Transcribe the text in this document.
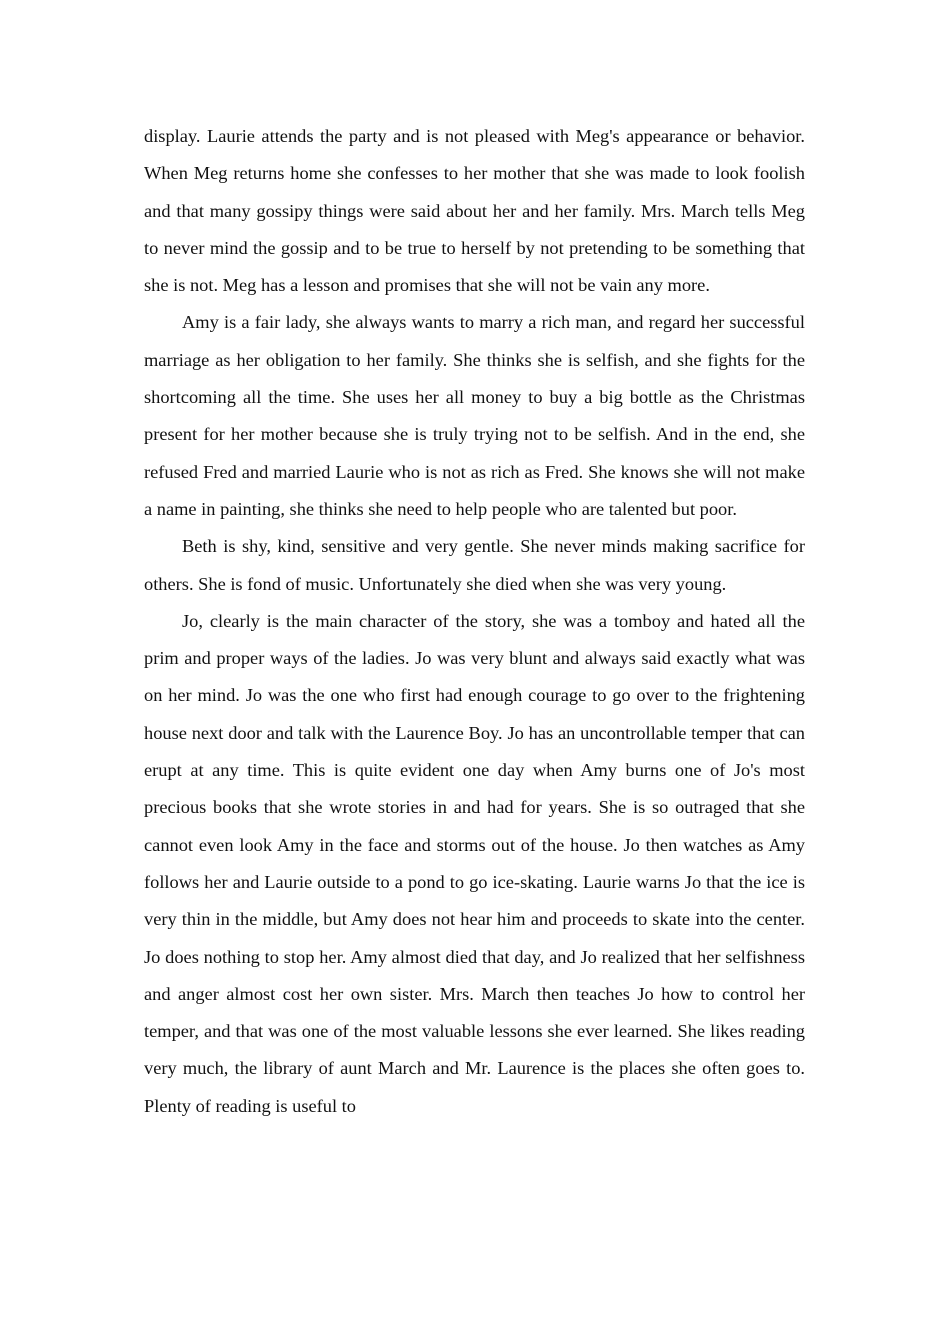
display. Laurie attends the party and is not pleased with Meg's appearance or behavior. When Meg returns home she confesses to her mother that she was made to look foolish and that many gossipy things were said about her and her family. Mrs. March tells Meg to never mind the gossip and to be true to herself by not pretending to be something that she is not. Meg has a lesson and promises that she will not be vain any more.

Amy is a fair lady, she always wants to marry a rich man, and regard her successful marriage as her obligation to her family. She thinks she is selfish, and she fights for the shortcoming all the time. She uses her all money to buy a big bottle as the Christmas present for her mother because she is truly trying not to be selfish. And in the end, she refused Fred and married Laurie who is not as rich as Fred. She knows she will not make a name in painting, she thinks she need to help people who are talented but poor.

Beth is shy, kind, sensitive and very gentle. She never minds making sacrifice for others. She is fond of music. Unfortunately she died when she was very young.

Jo, clearly is the main character of the story, she was a tomboy and hated all the prim and proper ways of the ladies. Jo was very blunt and always said exactly what was on her mind. Jo was the one who first had enough courage to go over to the frightening house next door and talk with the Laurence Boy. Jo has an uncontrollable temper that can erupt at any time. This is quite evident one day when Amy burns one of Jo's most precious books that she wrote stories in and had for years. She is so outraged that she cannot even look Amy in the face and storms out of the house. Jo then watches as Amy follows her and Laurie outside to a pond to go ice-skating. Laurie warns Jo that the ice is very thin in the middle, but Amy does not hear him and proceeds to skate into the center. Jo does nothing to stop her. Amy almost died that day, and Jo realized that her selfishness and anger almost cost her own sister. Mrs. March then teaches Jo how to control her temper, and that was one of the most valuable lessons she ever learned. She likes reading very much, the library of aunt March and Mr. Laurence is the places she often goes to. Plenty of reading is useful to
